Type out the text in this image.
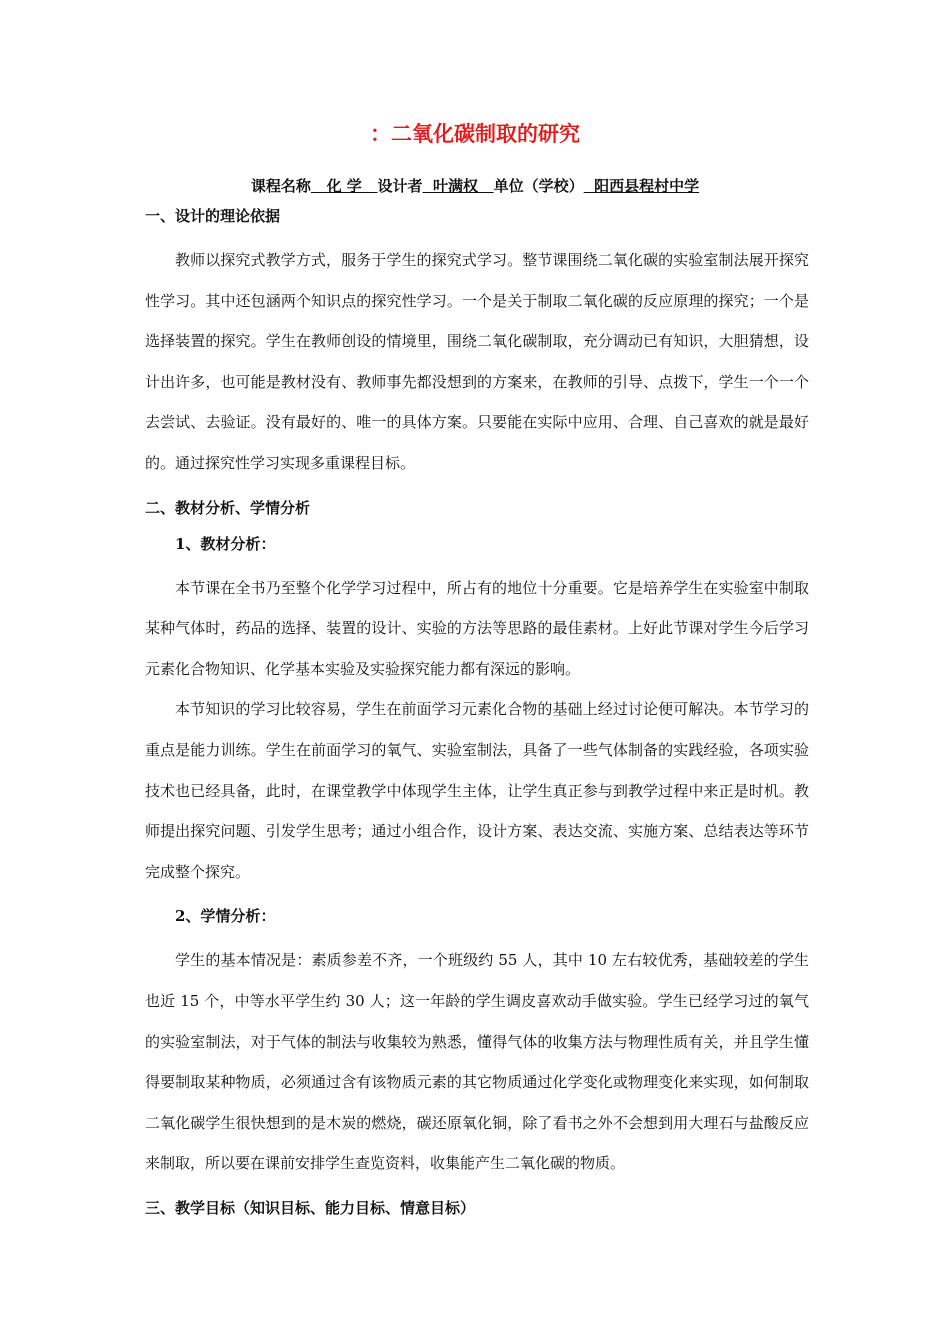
：二氧化碳制取的研究
课程名称   化 学   设计者  叶满权   单位（学校）  阳西县程村中学
一、设计的理论依据
教师以探究式教学方式，服务于学生的探究式学习。整节课围绕二氧化碳的实验室制法展开探究性学习。其中还包涵两个知识点的探究性学习。一个是关于制取二氧化碳的反应原理的探究；一个是选择装置的探究。学生在教师创设的情境里，围绕二氧化碳制取，充分调动已有知识，大胆猜想，设计出许多，也可能是教材没有、教师事先都没想到的方案来，在教师的引导、点拨下，学生一个一个去尝试、去验证。没有最好的、唯一的具体方案。只要能在实际中应用、合理、自己喜欢的就是最好的。通过探究性学习实现多重课程目标。
二、教材分析、学情分析
1、教材分析：
本节课在全书乃至整个化学学习过程中，所占有的地位十分重要。它是培养学生在实验室中制取某种气体时，药品的选择、装置的设计、实验的方法等思路的最佳素材。上好此节课对学生今后学习元素化合物知识、化学基本实验及实验探究能力都有深远的影响。
本节知识的学习比较容易，学生在前面学习元素化合物的基础上经过讨论便可解决。本节学习的重点是能力训练。学生在前面学习的氧气、实验室制法，具备了一些气体制备的实践经验，各项实验技术也已经具备，此时，在课堂教学中体现学生主体，让学生真正参与到教学过程中来正是时机。教师提出探究问题、引发学生思考；通过小组合作，设计方案、表达交流、实施方案、总结表达等环节完成整个探究。
2、学情分析：
学生的基本情况是：素质参差不齐，一个班级约 55 人，其中 10 左右较优秀，基础较差的学生也近 15 个，中等水平学生约 30 人；这一年龄的学生调皮喜欢动手做实验。学生已经学习过的氧气的实验室制法，对于气体的制法与收集较为熟悉，懂得气体的收集方法与物理性质有关，并且学生懂得要制取某种物质，必须通过含有该物质元素的其它物质通过化学变化或物理变化来实现，如何制取二氧化碳学生很快想到的是木炭的燃烧，碳还原氧化铜，除了看书之外不会想到用大理石与盐酸反应来制取，所以要在课前安排学生查览资料，收集能产生二氧化碳的物质。
三、教学目标（知识目标、能力目标、情意目标）
